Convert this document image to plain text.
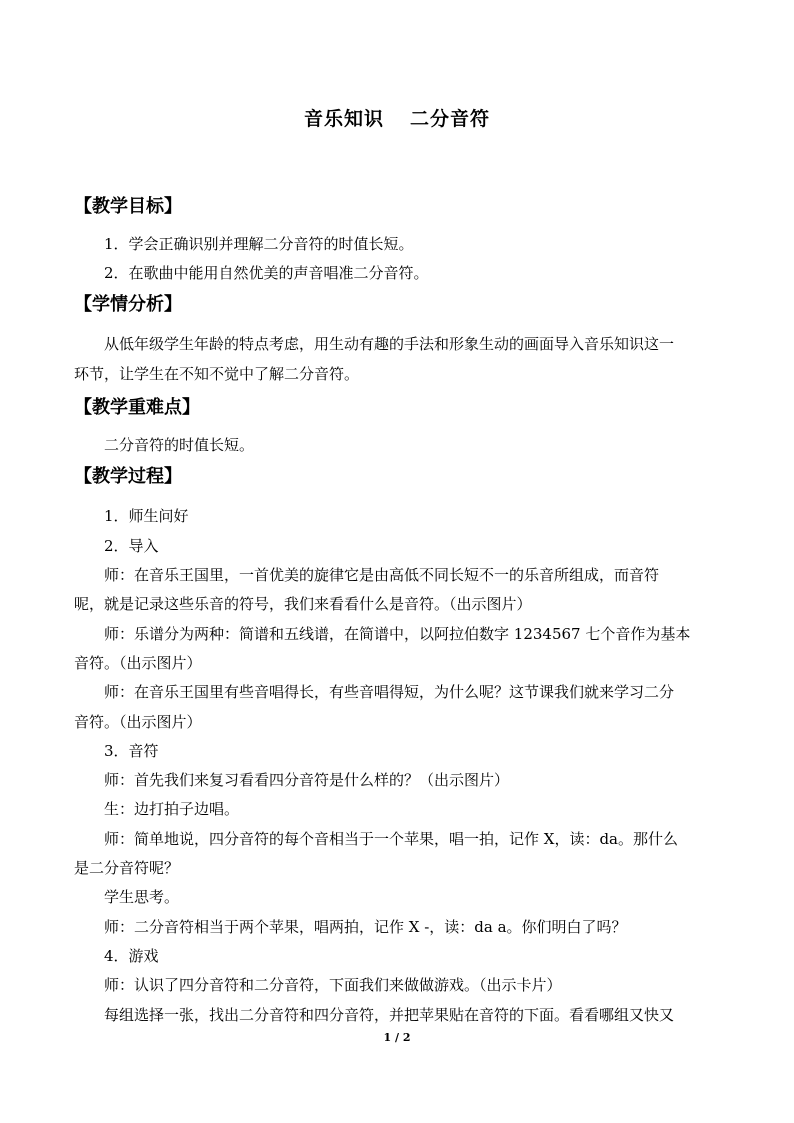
音乐知识 二分音符
【教学目标】
1．学会正确识别并理解二分音符的时值长短。
2．在歌曲中能用自然优美的声音唱准二分音符。
【学情分析】
从低年级学生年龄的特点考虑，用生动有趣的手法和形象生动的画面导入音乐知识这一
环节，让学生在不知不觉中了解二分音符。
【教学重难点】
二分音符的时值长短。
【教学过程】
1．师生问好
2．导入
师：在音乐王国里，一首优美的旋律它是由高低不同长短不一的乐音所组成，而音符
呢，就是记录这些乐音的符号，我们来看看什么是音符。（出示图片）
师：乐谱分为两种：简谱和五线谱，在简谱中，以阿拉伯数字 1234567 七个音作为基本
音符。（出示图片）
师：在音乐王国里有些音唱得长，有些音唱得短，为什么呢？这节课我们就来学习二分
音符。（出示图片）
3．音符
师：首先我们来复习看看四分音符是什么样的？（出示图片）
生：边打拍子边唱。
师：简单地说，四分音符的每个音相当于一个苹果，唱一拍，记作 X，读：da。那什么
是二分音符呢？
学生思考。
师：二分音符相当于两个苹果，唱两拍，记作 X -，读：da a。你们明白了吗？
4．游戏
师：认识了四分音符和二分音符，下面我们来做做游戏。（出示卡片）
每组选择一张，找出二分音符和四分音符，并把苹果贴在音符的下面。看看哪组又快又
1 / 2
